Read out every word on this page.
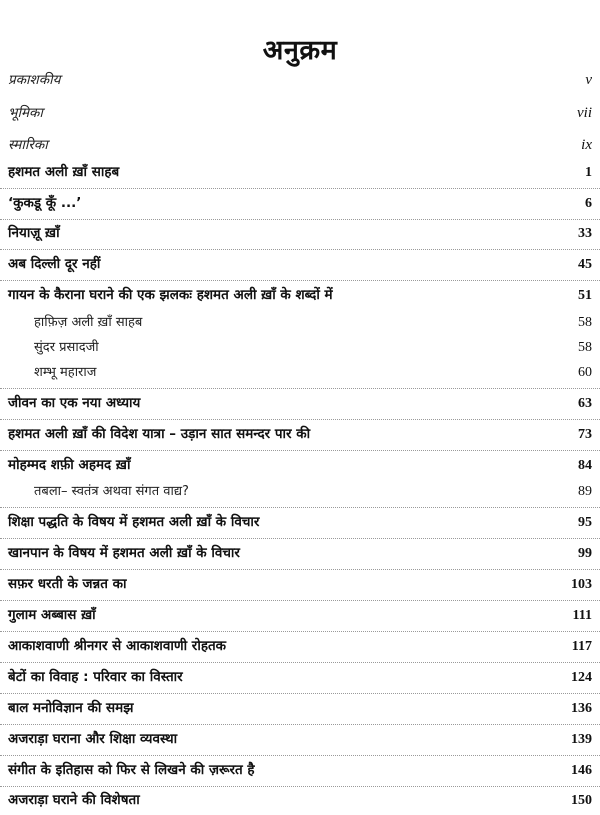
अनुक्रम
प्रकाशकीय	v
भूमिका	vii
स्मारिका	ix
हशमत अली ख़ाँ साहब	1
‘कुकडू कूँ ...’	6
नियाज़ू ख़ाँ	33
अब दिल्ली दूर नहीं	45
गायन के कैराना घराने की एक झलकः हशमत अली ख़ाँ के शब्दों में	51
हाफ़िज़ अली ख़ाँ साहब	58
सुंदर प्रसादजी	58
शम्भू महाराज	60
जीवन का एक नया अध्याय	63
हशमत अली ख़ाँ की विदेश यात्रा – उड़ान सात समन्दर पार की	73
मोहम्मद शफ़ी अहमद ख़ाँ	84
तबला– स्वतंत्र अथवा संगत वाद्य?	89
शिक्षा पद्धति के विषय में हशमत अली ख़ाँ के विचार	95
खानपान के विषय में हशमत अली ख़ाँ के विचार	99
सफ़र धरती के जन्नत का	103
गुलाम अब्बास ख़ाँ	111
आकाशवाणी श्रीनगर से आकाशवाणी रोहतक	117
बेटों का विवाह : परिवार का विस्तार	124
बाल मनोविज्ञान की समझ	136
अजराड़ा घराना और शिक्षा व्यवस्था	139
संगीत के इतिहास को फिर से लिखने की ज़रूरत है	146
अजराड़ा घराने की विशेषता	150
